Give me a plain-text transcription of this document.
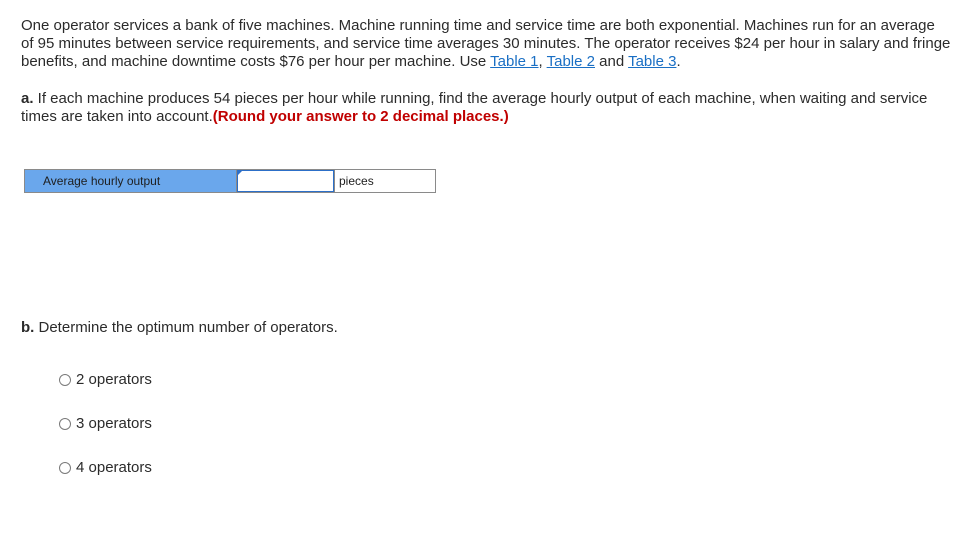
One operator services a bank of five machines. Machine running time and service time are both exponential. Machines run for an average of 95 minutes between service requirements, and service time averages 30 minutes. The operator receives $24 per hour in salary and fringe benefits, and machine downtime costs $76 per hour per machine. Use Table 1, Table 2 and Table 3.

a. If each machine produces 54 pieces per hour while running, find the average hourly output of each machine, when waiting and service times are taken into account.(Round your answer to 2 decimal places.)

Average hourly output	pieces

b. Determine the optimum number of operators.

2 operators
3 operators
4 operators
